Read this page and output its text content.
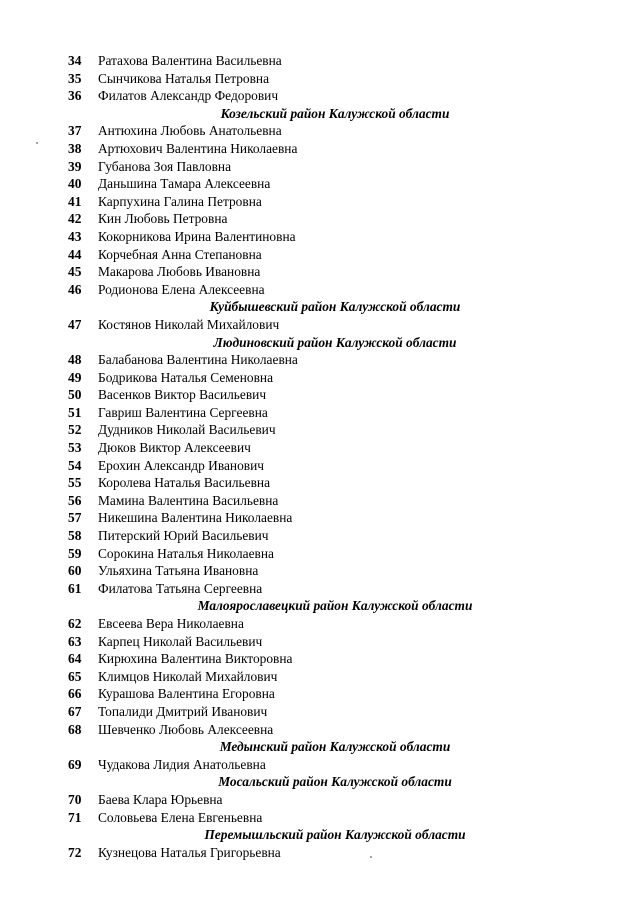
34	Ратахова Валентина Васильевна
35	Сынчикова Наталья Петровна
36	Филатов Александр Федорович
Козельский район Калужской области
37	Антюхина Любовь Анатольевна
38	Артюхович Валентина Николаевна
39	Губанова Зоя Павловна
40	Даньшина Тамара Алексеевна
41	Карпухина Галина Петровна
42	Кин Любовь Петровна
43	Кокорникова Ирина Валентиновна
44	Корчебная Анна Степановна
45	Макарова Любовь Ивановна
46	Родионова Елена Алексеевна
Куйбышевский район Калужской области
47	Костянов Николай Михайлович
Людиновский район Калужской области
48	Балабанова Валентина Николаевна
49	Бодрикова Наталья Семеновна
50	Васенков Виктор Васильевич
51	Гавриш Валентина Сергеевна
52	Дудников Николай Васильевич
53	Дюков Виктор Алексеевич
54	Ерохин Александр Иванович
55	Королева Наталья Васильевна
56	Мамина Валентина Васильевна
57	Никешина Валентина Николаевна
58	Питерский Юрий Васильевич
59	Сорокина Наталья Николаевна
60	Ульяхина Татьяна Ивановна
61	Филатова Татьяна Сергеевна
Малоярославецкий район Калужской области
62	Евсеева Вера Николаевна
63	Карпец Николай Васильевич
64	Кирюхина Валентина Викторовна
65	Климцов Николай Михайлович
66	Курашова Валентина Егоровна
67	Топалиди Дмитрий Иванович
68	Шевченко Любовь Алексеевна
Медынский район Калужской области
69	Чудакова Лидия Анатольевна
Мосальский район Калужской области
70	Баева Клара Юрьевна
71	Соловьева Елена Евгеньевна
Перемышльский район Калужской области
72	Кузнецова Наталья Григорьевна
